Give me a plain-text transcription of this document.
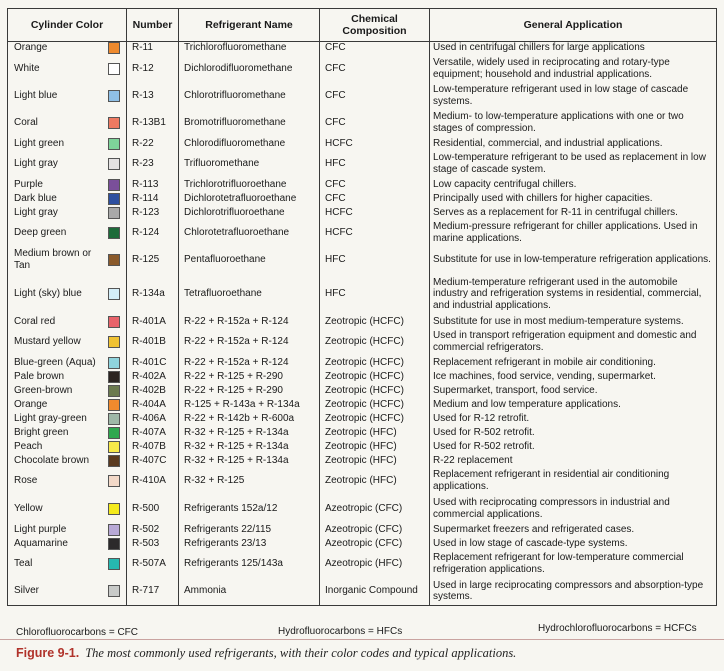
Cylinder Color	Number	Refrigerant Name	Chemical Composition	General Application
Orange	R-11	Trichlorofluoromethane	CFC	Used in centrifugal chillers for large applications
White	R-12	Dichlorodifluoromethane	CFC	Versatile, widely used in reciprocating and rotary-type equipment; household and industrial applications.
Light blue	R-13	Chlorotrifluoromethane	CFC	Low-temperature refrigerant used in low stage of cascade systems.
Coral	R-13B1	Bromotrifluoromethane	CFC	Medium- to low-temperature applications with one or two stages of compression.
Light green	R-22	Chlorodifluoromethane	HCFC	Residential, commercial, and industrial applications.
Light gray	R-23	Trifluoromethane	HFC	Low-temperature refrigerant to be used as replacement in low stage of cascade system.
Purple	R-113	Trichlorotrifluoroethane	CFC	Low capacity centrifugal chillers.
Dark blue	R-114	Dichlorotetrafluoroethane	CFC	Principally used with chillers for higher capacities.
Light gray	R-123	Dichlorotrifluoroethane	HCFC	Serves as a replacement for R-11 in centrifugal chillers.
Deep green	R-124	Chlorotetrafluoroethane	HCFC	Medium-pressure refrigerant for chiller applications. Used in marine applications.
Medium brown or Tan	R-125	Pentafluoroethane	HFC	Substitute for use in low-temperature refrigeration applications.
Light (sky) blue	R-134a	Tetrafluoroethane	HFC	Medium-temperature refrigerant used in the automobile industry and refrigeration systems in residential, commercial, and industrial applications.
Coral red	R-401A	R-22 + R-152a + R-124	Zeotropic (HCFC)	Substitute for use in most medium-temperature systems.
Mustard yellow	R-401B	R-22 + R-152a + R-124	Zeotropic (HCFC)	Used in transport refrigeration equipment and domestic and commercial refrigerators.
Blue-green (Aqua)	R-401C	R-22 + R-152a + R-124	Zeotropic (HCFC)	Replacement refrigerant in mobile air conditioning.
Pale brown	R-402A	R-22 + R-125 + R-290	Zeotropic (HCFC)	Ice machines, food service, vending, supermarket.
Green-brown	R-402B	R-22 + R-125 + R-290	Zeotropic (HCFC)	Supermarket, transport, food service.
Orange	R-404A	R-125 + R-143a + R-134a	Zeotropic (HCFC)	Medium and low temperature applications.
Light gray-green	R-406A	R-22 + R-142b + R-600a	Zeotropic (HCFC)	Used for R-12 retrofit.
Bright green	R-407A	R-32 + R-125 + R-134a	Zeotropic (HFC)	Used for R-502 retrofit.
Peach	R-407B	R-32 + R-125 + R-134a	Zeotropic (HFC)	Used for R-502 retrofit.
Chocolate brown	R-407C	R-32 + R-125 + R-134a	Zeotropic (HFC)	R-22 replacement
Rose	R-410A	R-32 + R-125	Zeotropic (HFC)	Replacement refrigerant in residential air conditioning applications.
Yellow	R-500	Refrigerants 152a/12	Azeotropic (CFC)	Used with reciprocating compressors in industrial and commercial applications.
Light purple	R-502	Refrigerants 22/115	Azeotropic (CFC)	Supermarket freezers and refrigerated cases.
Aquamarine	R-503	Refrigerants 23/13	Azeotropic (CFC)	Used in low stage of cascade-type systems.
Teal	R-507A	Refrigerants 125/143a	Azeotropic (HFC)	Replacement refrigerant for low-temperature commercial refrigeration applications.
Silver	R-717	Ammonia	Inorganic Compound	Used in large reciprocating compressors and absorption-type systems.
Chlorofluorocarbons = CFC	Hydrofluorocarbons = HFCs	Hydrochlorofluorocarbons = HCFCs
Figure 9-1. The most commonly used refrigerants, with their color codes and typical applications.
